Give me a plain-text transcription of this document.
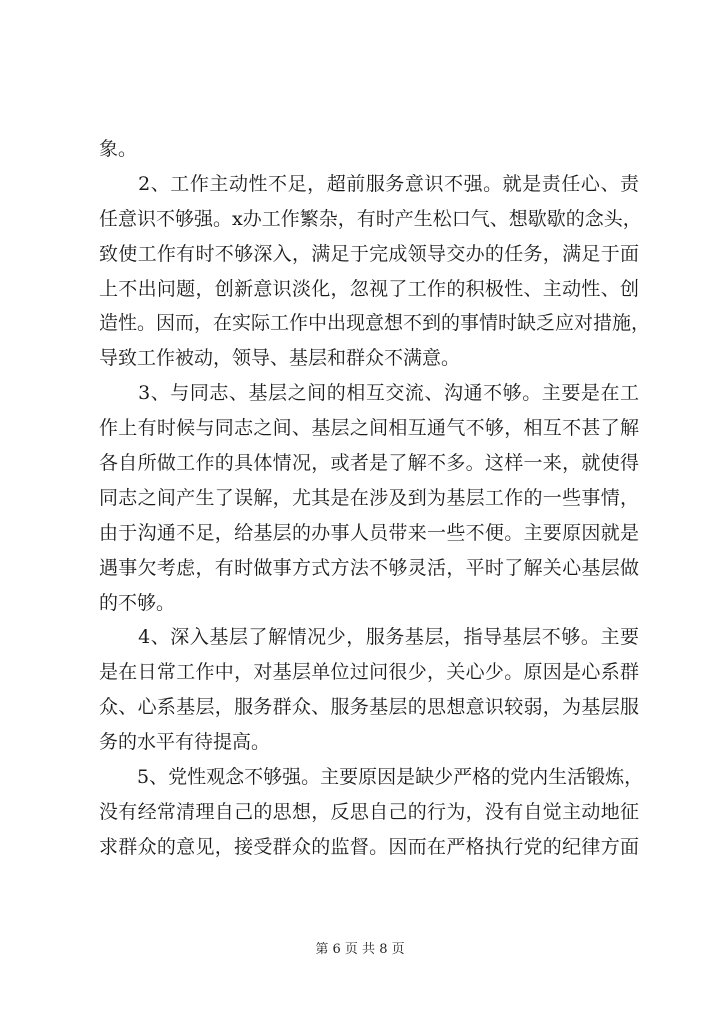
象。
　　2、工作主动性不足，超前服务意识不强。就是责任心、责
任意识不够强。x办工作繁杂，有时产生松口气、想歇歇的念头，
致使工作有时不够深入，满足于完成领导交办的任务，满足于面
上不出问题，创新意识淡化，忽视了工作的积极性、主动性、创
造性。因而，在实际工作中出现意想不到的事情时缺乏应对措施，
导致工作被动，领导、基层和群众不满意。
　　3、与同志、基层之间的相互交流、沟通不够。主要是在工
作上有时候与同志之间、基层之间相互通气不够，相互不甚了解
各自所做工作的具体情况，或者是了解不多。这样一来，就使得
同志之间产生了误解，尤其是在涉及到为基层工作的一些事情，
由于沟通不足，给基层的办事人员带来一些不便。主要原因就是
遇事欠考虑，有时做事方式方法不够灵活，平时了解关心基层做
的不够。
　　4、深入基层了解情况少，服务基层，指导基层不够。主要
是在日常工作中，对基层单位过问很少，关心少。原因是心系群
众、心系基层，服务群众、服务基层的思想意识较弱，为基层服
务的水平有待提高。
　　5、党性观念不够强。主要原因是缺少严格的党内生活锻炼，
没有经常清理自己的思想，反思自己的行为，没有自觉主动地征
求群众的意见，接受群众的监督。因而在严格执行党的纪律方面
第 6 页 共 8 页
